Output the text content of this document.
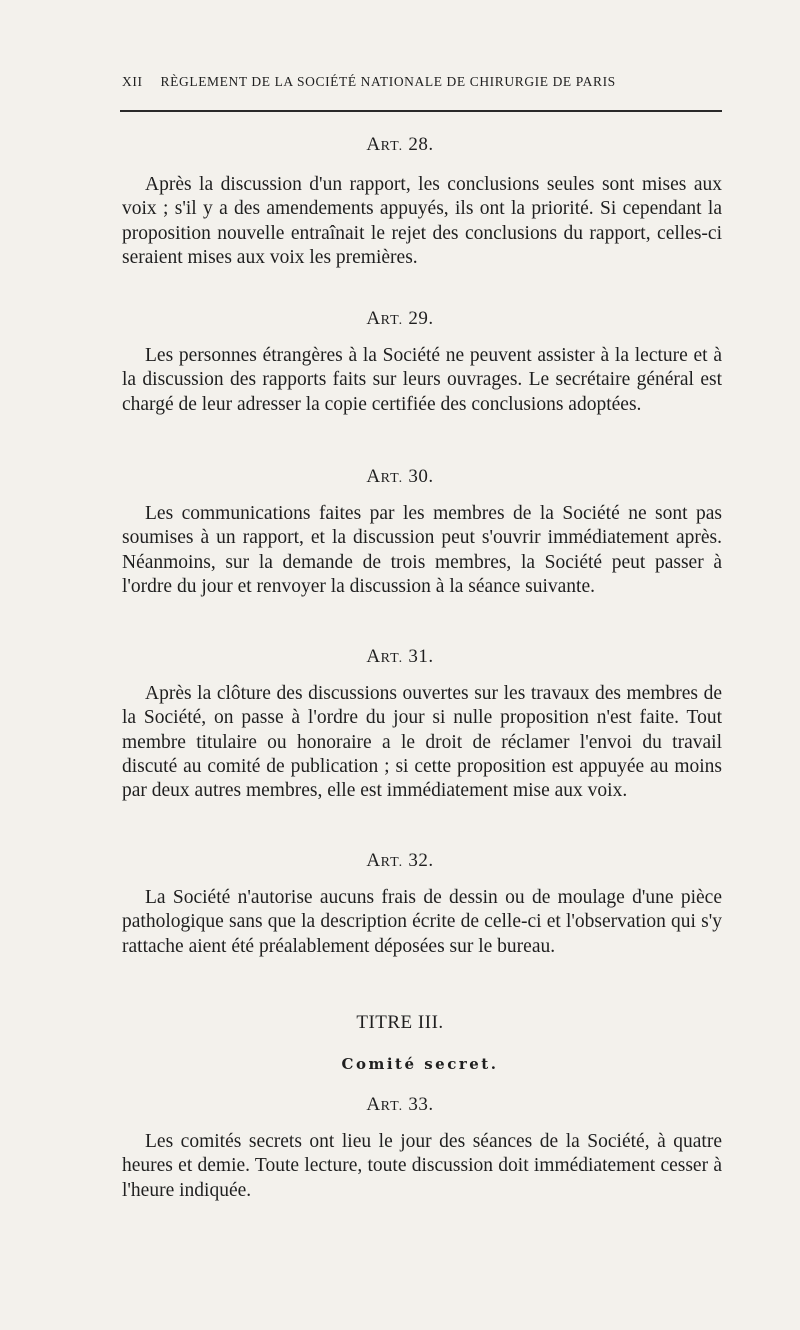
XII RÈGLEMENT DE LA SOCIÉTÉ NATIONALE DE CHIRURGIE DE PARIS
ART. 28.

Après la discussion d'un rapport, les conclusions seules sont mises aux voix ; s'il y a des amendements appuyés, ils ont la priorité. Si cependant la proposition nouvelle entraînait le rejet des conclusions du rapport, celles-ci seraient mises aux voix les premières.

ART. 29.

Les personnes étrangères à la Société ne peuvent assister à la lecture et à la discussion des rapports faits sur leurs ouvrages. Le secrétaire général est chargé de leur adresser la copie certifiée des conclusions adoptées.

ART. 30.

Les communications faites par les membres de la Société ne sont pas soumises à un rapport, et la discussion peut s'ouvrir immédiatement après. Néanmoins, sur la demande de trois membres, la Société peut passer à l'ordre du jour et renvoyer la discussion à la séance suivante.

ART. 31.

Après la clôture des discussions ouvertes sur les travaux des membres de la Société, on passe à l'ordre du jour si nulle proposition n'est faite. Tout membre titulaire ou honoraire a le droit de réclamer l'envoi du travail discuté au comité de publication ; si cette proposition est appuyée au moins par deux autres membres, elle est immédiatement mise aux voix.

ART. 32.

La Société n'autorise aucuns frais de dessin ou de moulage d'une pièce pathologique sans que la description écrite de celle-ci et l'observation qui s'y rattache aient été préalablement déposées sur le bureau.

TITRE III.
Comité secret.
ART. 33.

Les comités secrets ont lieu le jour des séances de la Société, à quatre heures et demie. Toute lecture, toute discussion doit immédiatement cesser à l'heure indiquée.
